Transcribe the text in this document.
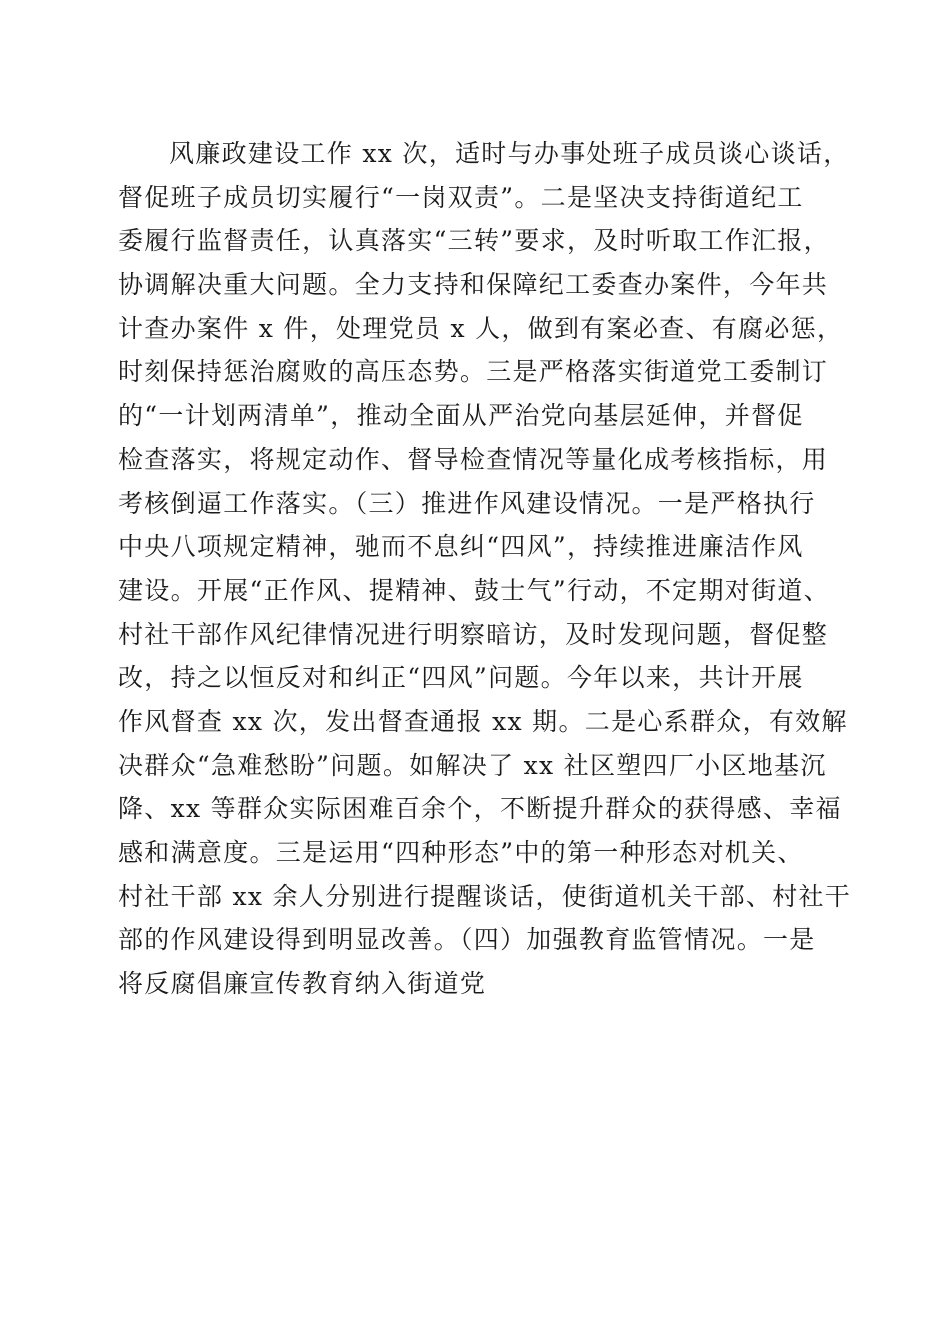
风廉政建设工作 xx 次，适时与办事处班子成员谈心谈话，
督促班子成员切实履行“一岗双责”。二是坚决支持街道纪工
委履行监督责任，认真落实“三转”要求，及时听取工作汇报，
协调解决重大问题。全力支持和保障纪工委查办案件，今年共
计查办案件 x 件，处理党员 x 人，做到有案必查、有腐必惩，
时刻保持惩治腐败的高压态势。三是严格落实街道党工委制订
的“一计划两清单”，推动全面从严治党向基层延伸，并督促
检查落实，将规定动作、督导检查情况等量化成考核指标，用
考核倒逼工作落实。（三）推进作风建设情况。一是严格执行
中央八项规定精神，驰而不息纠“四风”，持续推进廉洁作风
建设。开展“正作风、提精神、鼓士气”行动，不定期对街道、
村社干部作风纪律情况进行明察暗访，及时发现问题，督促整
改，持之以恒反对和纠正“四风”问题。今年以来，共计开展
作风督查 xx 次，发出督查通报 xx 期。二是心系群众，有效解
决群众“急难愁盼”问题。如解决了 xx 社区塑四厂小区地基沉
降、xx 等群众实际困难百余个，不断提升群众的获得感、幸福
感和满意度。三是运用“四种形态”中的第一种形态对机关、
村社干部 xx 余人分别进行提醒谈话，使街道机关干部、村社干
部的作风建设得到明显改善。（四）加强教育监管情况。一是
将反腐倡廉宣传教育纳入街道党
